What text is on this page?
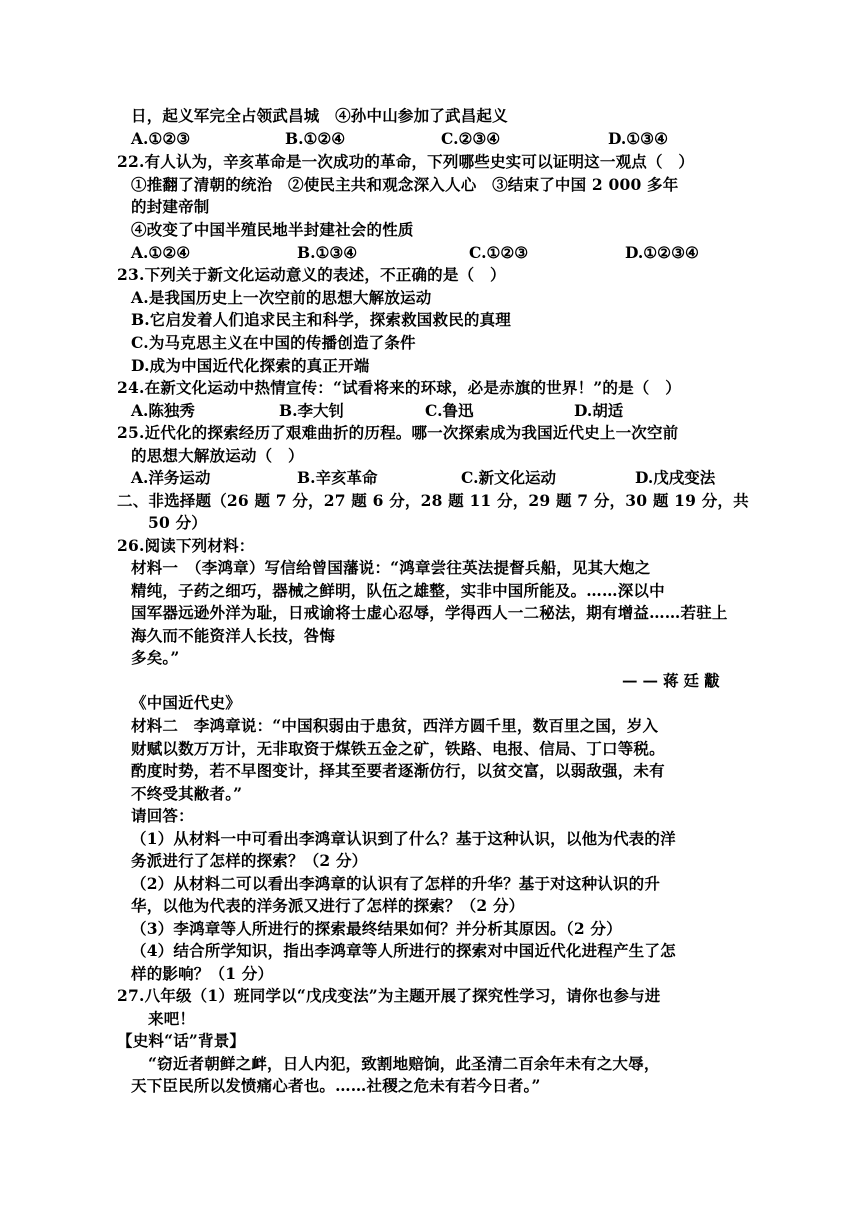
日，起义军完全占领武昌城　④孙中山参加了武昌起义
A.①②③	B.①②④	C.②③④	D.①③④
22.有人认为，辛亥革命是一次成功的革命，下列哪些史实可以证明这一观点（　）
①推翻了清朝的统治　②使民主共和观念深入人心　③结束了中国 2 000 多年
的封建帝制
④改变了中国半殖民地半封建社会的性质
A.①②④	B.①③④	C.①②③	D.①②③④
23.下列关于新文化运动意义的表述，不正确的是（　）
A.是我国历史上一次空前的思想大解放运动
B.它启发着人们追求民主和科学，探索救国救民的真理
C.为马克思主义在中国的传播创造了条件
D.成为中国近代化探索的真正开端
24.在新文化运动中热情宣传：“试看将来的环球，必是赤旗的世界！”的是（　）
A.陈独秀	B.李大钊	C.鲁迅	D.胡适
25.近代化的探索经历了艰难曲折的历程。哪一次探索成为我国近代史上一次空前
的思想大解放运动（　）
A.洋务运动	B.辛亥革命	C.新文化运动	D.戊戌变法
二、非选择题（26 题 7 分，27 题 6 分，28 题 11 分，29 题 7 分，30 题 19 分，共
50 分）
26.阅读下列材料：
材料一　（李鸿章）写信给曾国藩说：“鸿章尝往英法提督兵船，见其大炮之
精纯，子药之细巧，器械之鲜明，队伍之雄整，实非中国所能及。……深以中
国军器远逊外洋为耻，日戒谕将士虚心忍辱，学得西人一二秘法，期有增益……若驻上
海久而不能资洋人长技，咎悔
多矣。”
——蒋廷黻
《中国近代史》
材料二　李鸿章说：“中国积弱由于患贫，西洋方圆千里，数百里之国，岁入
财赋以数万万计，无非取资于煤铁五金之矿，铁路、电报、信局、丁口等税。
酌度时势，若不早图变计，择其至要者逐渐仿行，以贫交富，以弱敌强，未有
不终受其敝者。”
请回答：
（1）从材料一中可看出李鸿章认识到了什么？基于这种认识，以他为代表的洋
务派进行了怎样的探索？（2 分）
（2）从材料二可以看出李鸿章的认识有了怎样的升华？基于对这种认识的升
华，以他为代表的洋务派又进行了怎样的探索？（2 分）
（3）李鸿章等人所进行的探索最终结果如何？并分析其原因。（2 分）
（4）结合所学知识，指出李鸿章等人所进行的探索对中国近代化进程产生了怎
样的影响？（1 分）
27.八年级（1）班同学以“戊戌变法”为主题开展了探究性学习，请你也参与进
来吧！
【史料“话”背景】
“窃近者朝鲜之衅，日人内犯，致割地赔饷，此圣清二百余年未有之大辱，
天下臣民所以发愤痛心者也。……社稷之危未有若今日者。”
